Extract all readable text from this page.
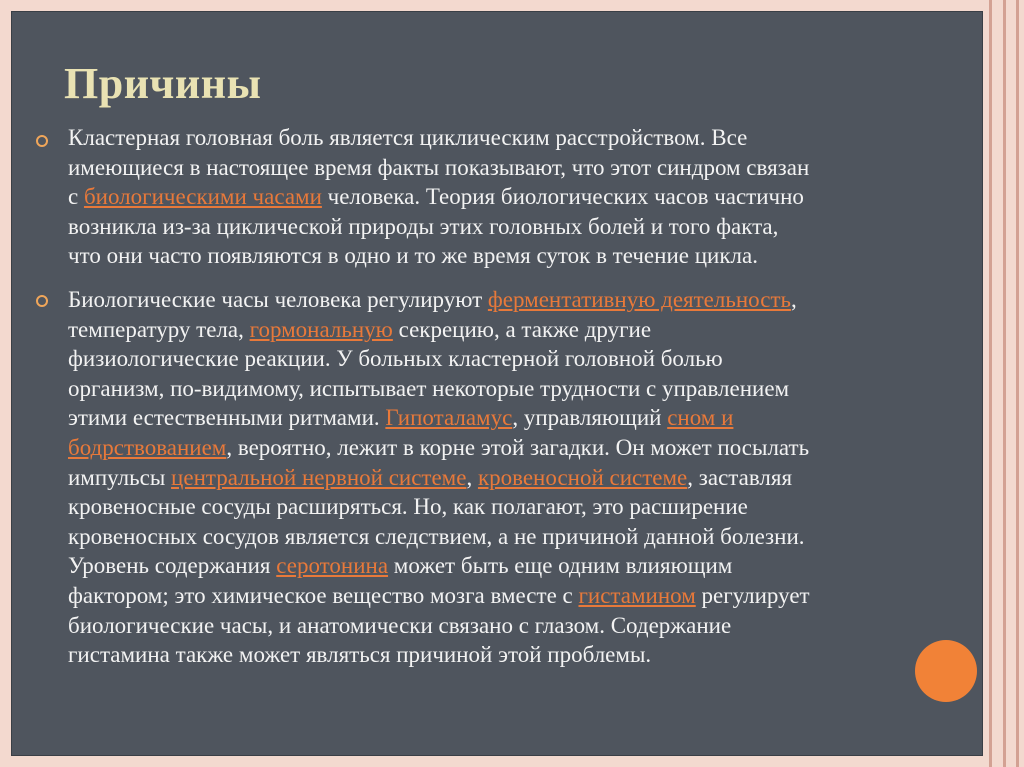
Причины

Кластерная головная боль является циклическим расстройством. Все
имеющиеся в настоящее время факты показывают, что этот синдром связан
с биологическими часами человека. Теория биологических часов частично
возникла из-за циклической природы этих головных болей и того факта,
что они часто появляются в одно и то же время суток в течение цикла.

Биологические часы человека регулируют ферментативную деятельность,
температуру тела, гормональную секрецию, а также другие
физиологические реакции. У больных кластерной головной болью
организм, по-видимому, испытывает некоторые трудности с управлением
этими естественными ритмами. Гипоталамус, управляющий сном и
бодрствованием, вероятно, лежит в корне этой загадки. Он может посылать
импульсы центральной нервной системе, кровеносной системе, заставляя
кровеносные сосуды расширяться. Но, как полагают, это расширение
кровеносных сосудов является следствием, а не причиной данной болезни.
Уровень содержания серотонина может быть еще одним влияющим
фактором; это химическое вещество мозга вместе с гистамином регулирует
биологические часы, и анатомически связано с глазом. Содержание
гистамина также может являться причиной этой проблемы.
